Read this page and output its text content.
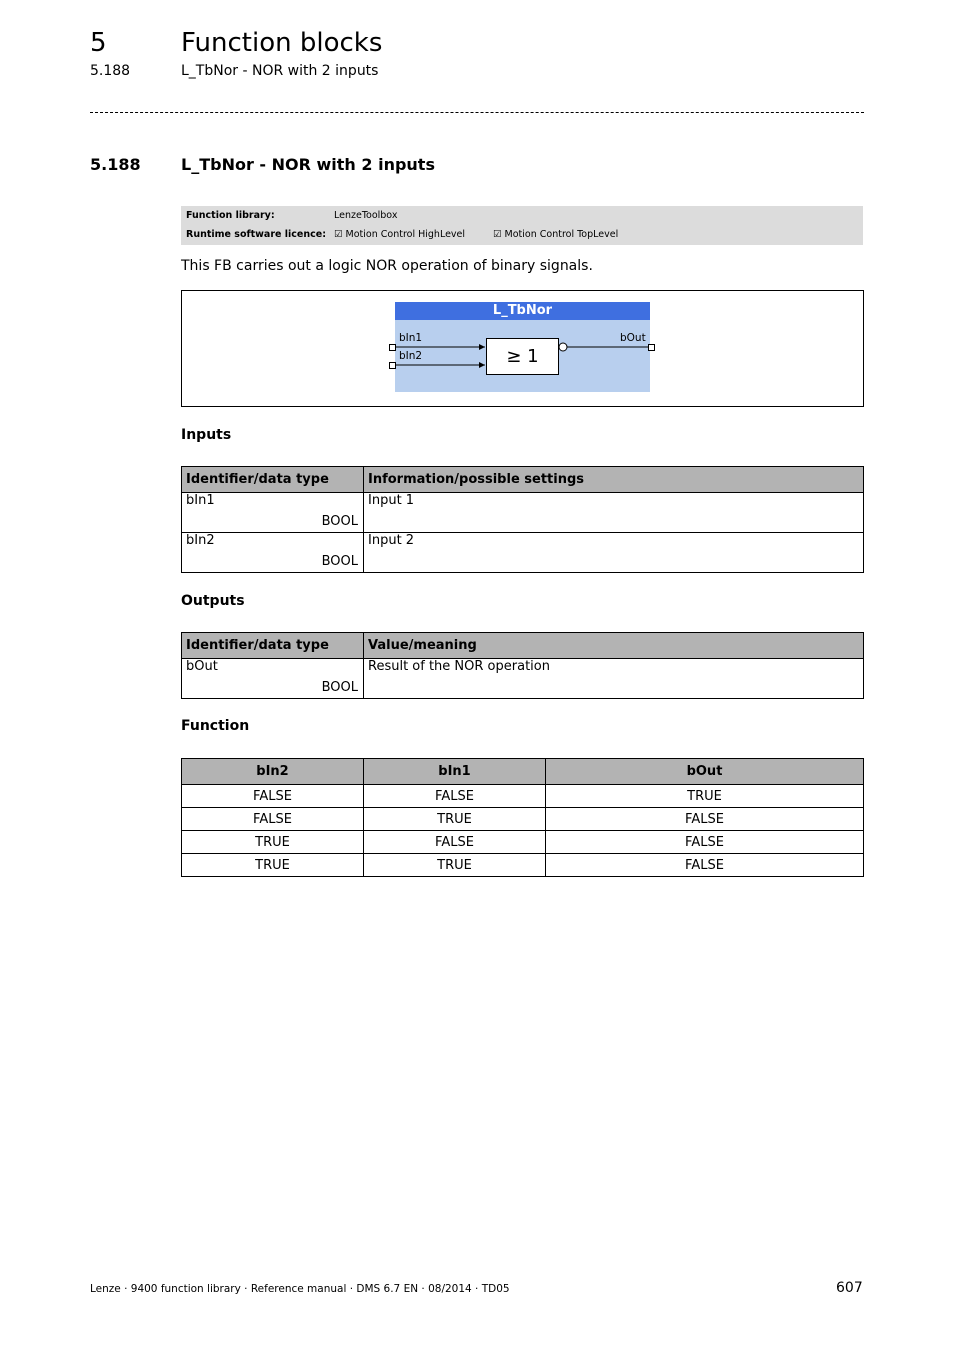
5	Function blocks
5.188	L_TbNor - NOR with 2 inputs
5.188	L_TbNor - NOR with 2 inputs
Function library:	LenzeToolbox
Runtime software licence: ☑ Motion Control HighLevel	☑ Motion Control TopLevel
This FB carries out a logic NOR operation of binary signals.
L_TbNor
bIn1
bIn2
bOut
≥ 1
Inputs
Identifier/data type	Information/possible settings
bIn1
BOOL	Input 1
bIn2
BOOL	Input 2
Outputs
Identifier/data type	Value/meaning
bOut
BOOL	Result of the NOR operation
Function
bIn2	bIn1	bOut
FALSE	FALSE	TRUE
FALSE	TRUE	FALSE
TRUE	FALSE	FALSE
TRUE	TRUE	FALSE
Lenze · 9400 function library · Reference manual · DMS 6.7 EN · 08/2014 · TD05	607
